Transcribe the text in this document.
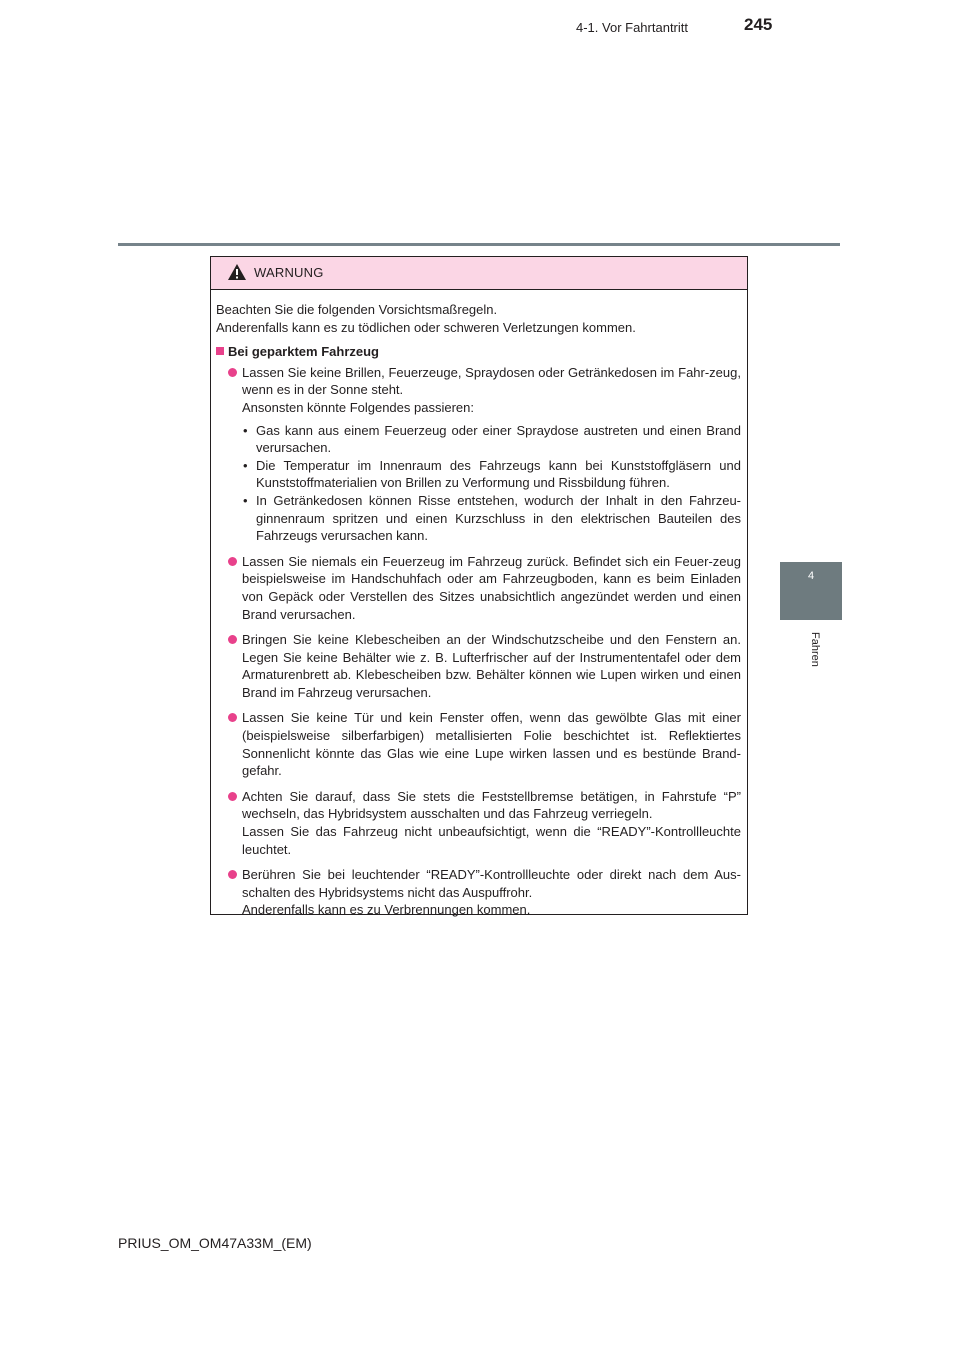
4-1. Vor Fahrtantritt	245
4
Fahren
WARNUNG

Beachten Sie die folgenden Vorsichtsmaßregeln.

Anderenfalls kann es zu tödlichen oder schweren Verletzungen kommen.

Bei geparktem Fahrzeug

Lassen Sie keine Brillen, Feuerzeuge, Spraydosen oder Getränkedosen im Fahr-zeug, wenn es in der Sonne steht.

Ansonsten könnte Folgendes passieren:

• Gas kann aus einem Feuerzeug oder einer Spraydose austreten und einen Brand verursachen.
• Die Temperatur im Innenraum des Fahrzeugs kann bei Kunststoffgläsern und Kunststoffmaterialien von Brillen zu Verformung und Rissbildung führen.
• In Getränkedosen können Risse entstehen, wodurch der Inhalt in den Fahrzeu-ginnenraum spritzen und einen Kurzschluss in den elektrischen Bauteilen des Fahrzeugs verursachen kann.

Lassen Sie niemals ein Feuerzeug im Fahrzeug zurück. Befindet sich ein Feuer-zeug beispielsweise im Handschuhfach oder am Fahrzeugboden, kann es beim Einladen von Gepäck oder Verstellen des Sitzes unabsichtlich angezündet werden und einen Brand verursachen.

Bringen Sie keine Klebescheiben an der Windschutzscheibe und den Fenstern an. Legen Sie keine Behälter wie z. B. Lufterfrischer auf der Instrumententafel oder dem Armaturenbrett ab. Klebescheiben bzw. Behälter können wie Lupen wirken und einen Brand im Fahrzeug verursachen.

Lassen Sie keine Tür und kein Fenster offen, wenn das gewölbte Glas mit einer (beispielsweise silberfarbigen) metallisierten Folie beschichtet ist. Reflektiertes Sonnenlicht könnte das Glas wie eine Lupe wirken lassen und es bestünde Brand-gefahr.

Achten Sie darauf, dass Sie stets die Feststellbremse betätigen, in Fahrstufe “P” wechseln, das Hybridsystem ausschalten und das Fahrzeug verriegeln.

Lassen Sie das Fahrzeug nicht unbeaufsichtigt, wenn die “READY”-Kontrollleuchte leuchtet.

Berühren Sie bei leuchtender “READY”-Kontrollleuchte oder direkt nach dem Aus-schalten des Hybridsystems nicht das Auspuffrohr.

Anderenfalls kann es zu Verbrennungen kommen.

PRIUS_OM_OM47A33M_(EM)
